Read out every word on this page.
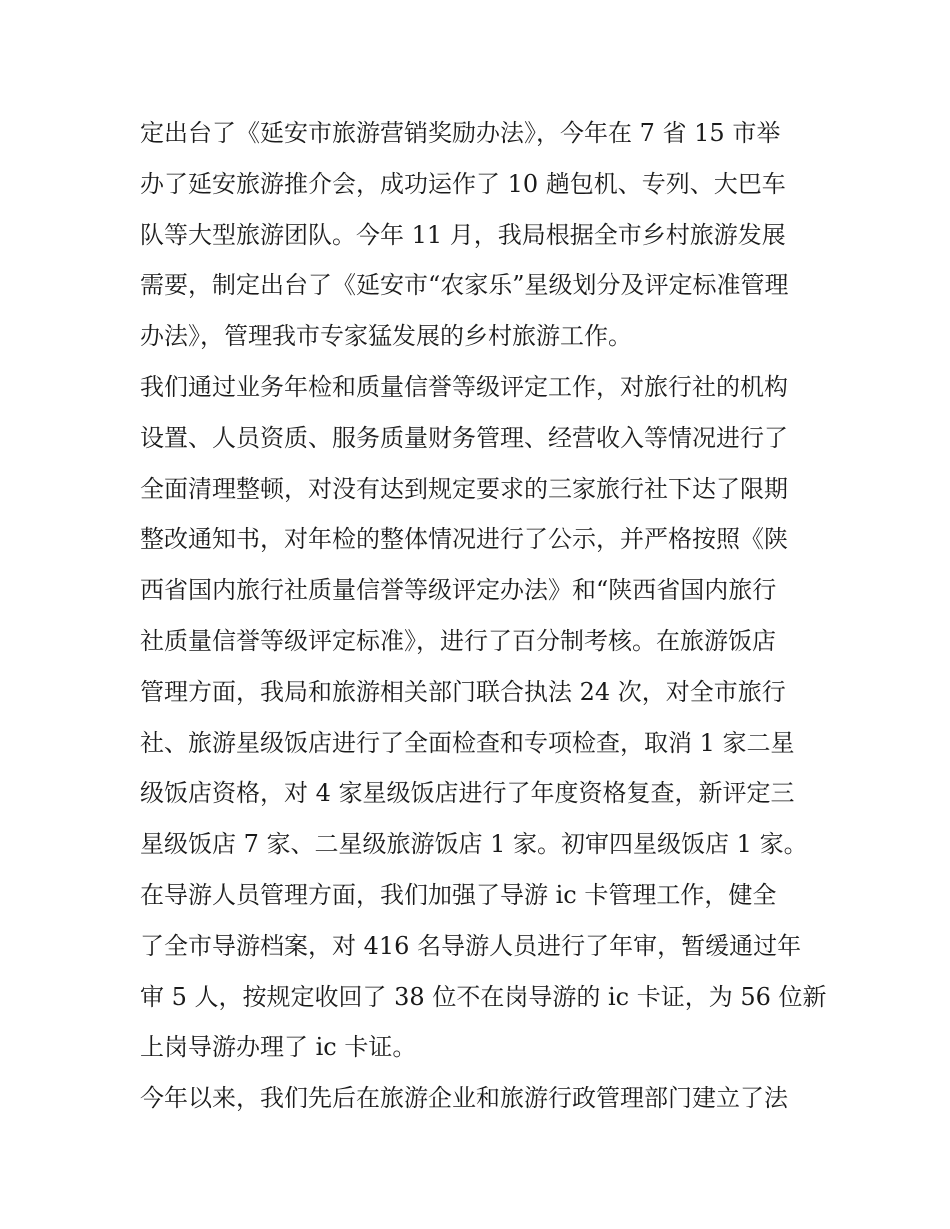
定出台了《延安市旅游营销奖励办法》，今年在 7 省 15 市举
办了延安旅游推介会，成功运作了 10 趟包机、专列、大巴车
队等大型旅游团队。今年 11 月，我局根据全市乡村旅游发展
需要，制定出台了《延安市“农家乐”星级划分及评定标准管理
办法》，管理我市专家猛发展的乡村旅游工作。
我们通过业务年检和质量信誉等级评定工作，对旅行社的机构
设置、人员资质、服务质量财务管理、经营收入等情况进行了
全面清理整顿，对没有达到规定要求的三家旅行社下达了限期
整改通知书，对年检的整体情况进行了公示，并严格按照《陕
西省国内旅行社质量信誉等级评定办法》和“陕西省国内旅行
社质量信誉等级评定标准》，进行了百分制考核。在旅游饭店
管理方面，我局和旅游相关部门联合执法 24 次，对全市旅行
社、旅游星级饭店进行了全面检查和专项检查，取消 1 家二星
级饭店资格，对 4 家星级饭店进行了年度资格复查，新评定三
星级饭店 7 家、二星级旅游饭店 1 家。初审四星级饭店 1 家。
在导游人员管理方面，我们加强了导游 ic 卡管理工作，健全
了全市导游档案，对 416 名导游人员进行了年审，暂缓通过年
审 5 人，按规定收回了 38 位不在岗导游的 ic 卡证，为 56 位新
上岗导游办理了 ic 卡证。
今年以来，我们先后在旅游企业和旅游行政管理部门建立了法
